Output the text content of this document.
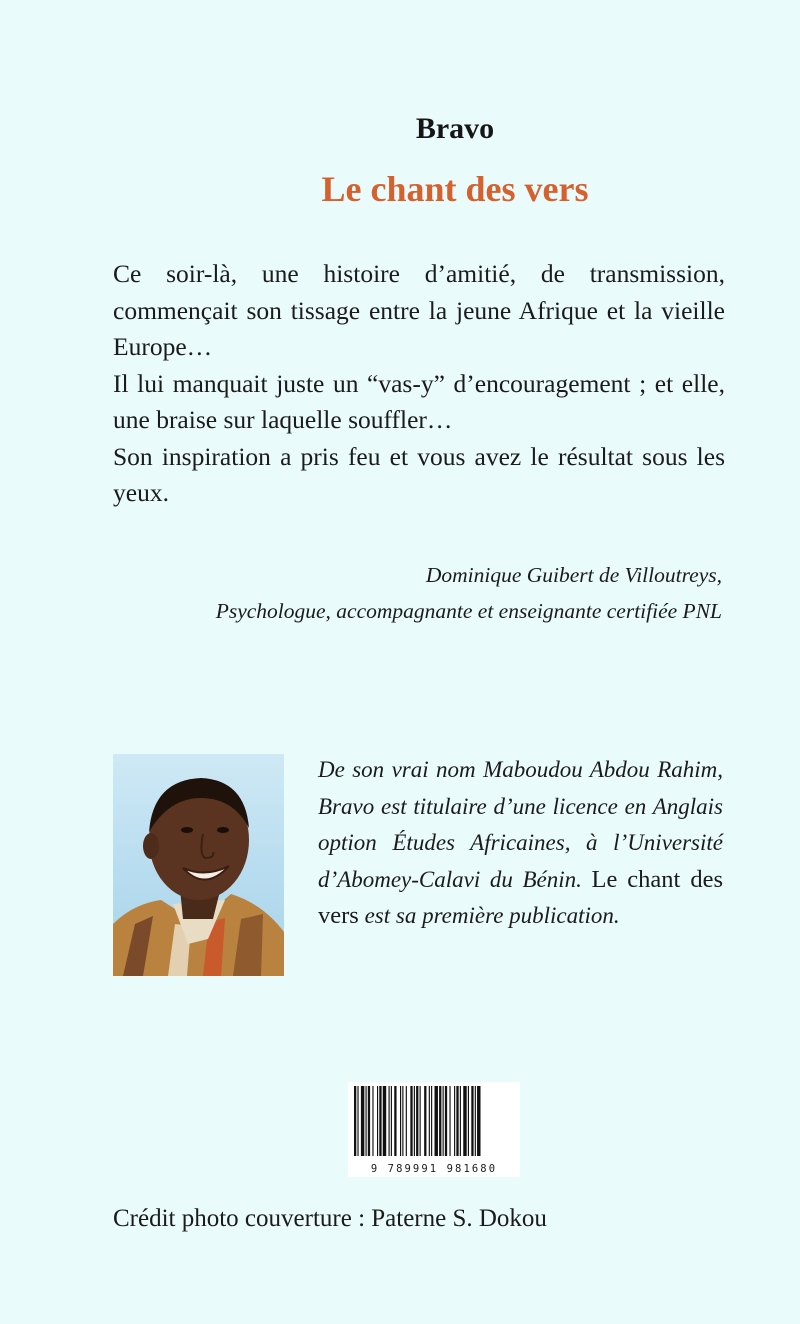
Bravo
Le chant des vers

Ce soir-là, une histoire d’amitié, de transmission, commençait son tissage entre la jeune Afrique et la vieille Europe…

Il lui manquait juste un “vas-y” d’encouragement ; et elle, une braise sur laquelle souffler…

Son inspiration a pris feu et vous avez le résultat sous les yeux.

Dominique Guibert de Villoutreys,
Psychologue, accompagnante et enseignante certifiée PNL
De son vrai nom Maboudou Abdou Rahim, Bravo est titulaire d’une licence en Anglais option Études Africaines, à l’Université d’Abomey-Calavi du Bénin. Le chant des vers est sa première publication.
9 789991 981680
Crédit photo couverture : Paterne S. Dokou
